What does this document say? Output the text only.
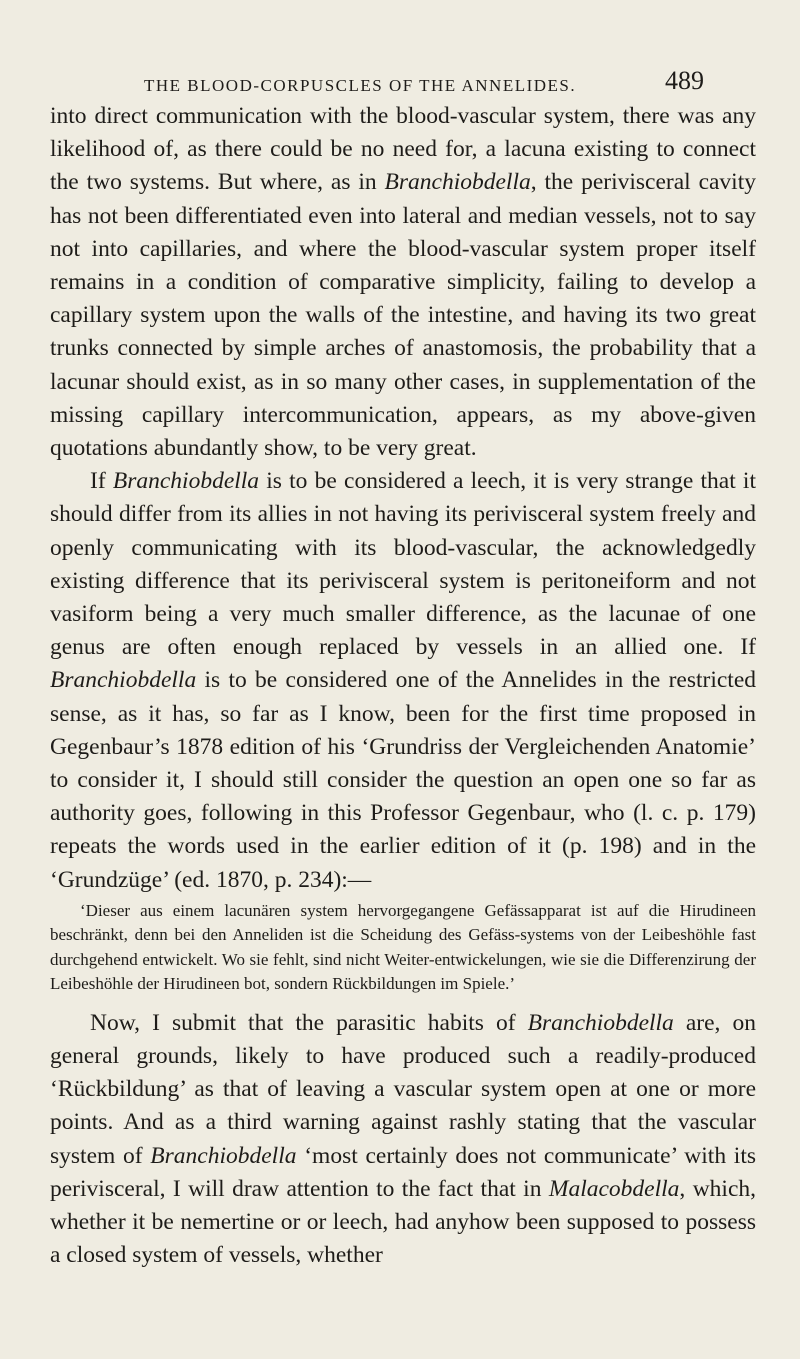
THE BLOOD-CORPUSCLES OF THE ANNELIDES.	489

into direct communication with the blood-vascular system, there was any likelihood of, as there could be no need for, a lacuna existing to connect the two systems. But where, as in Branchiobdella, the perivisceral cavity has not been differentiated even into lateral and median vessels, not to say not into capillaries, and where the blood-vascular system proper itself remains in a condition of comparative simplicity, failing to develop a capillary system upon the walls of the intestine, and having its two great trunks connected by simple arches of anastomosis, the probability that a lacunar should exist, as in so many other cases, in supplementation of the missing capillary intercommunication, appears, as my above-given quotations abundantly show, to be very great.

If Branchiobdella is to be considered a leech, it is very strange that it should differ from its allies in not having its perivisceral system freely and openly communicating with its blood-vascular, the acknowledgedly existing difference that its perivisceral system is peritoneiform and not vasiform being a very much smaller difference, as the lacunae of one genus are often enough replaced by vessels in an allied one. If Branchiobdella is to be considered one of the Annelides in the restricted sense, as it has, so far as I know, been for the first time proposed in Gegenbaur’s 1878 edition of his ‘Grundriss der Vergleichenden Anatomie’ to consider it, I should still consider the question an open one so far as authority goes, following in this Professor Gegenbaur, who (l. c. p. 179) repeats the words used in the earlier edition of it (p. 198) and in the ‘Grundzüge’ (ed. 1870, p. 234):—

‘Dieser aus einem lacunären system hervorgegangene Gefässapparat ist auf die Hirudineen beschränkt, denn bei den Anneliden ist die Scheidung des Gefäss-systems von der Leibeshöhle fast durchgehend entwickelt. Wo sie fehlt, sind nicht Weiter-entwickelungen, wie sie die Differenzirung der Leibeshöhle der Hirudineen bot, sondern Rückbildungen im Spiele.’

Now, I submit that the parasitic habits of Branchiobdella are, on general grounds, likely to have produced such a readily-produced ‘Rückbildung’ as that of leaving a vascular system open at one or more points. And as a third warning against rashly stating that the vascular system of Branchiobdella ‘most certainly does not communicate’ with its perivisceral, I will draw attention to the fact that in Malacobdella, which, whether it be nemertine or or leech, had anyhow been supposed to possess a closed system of vessels, whether
